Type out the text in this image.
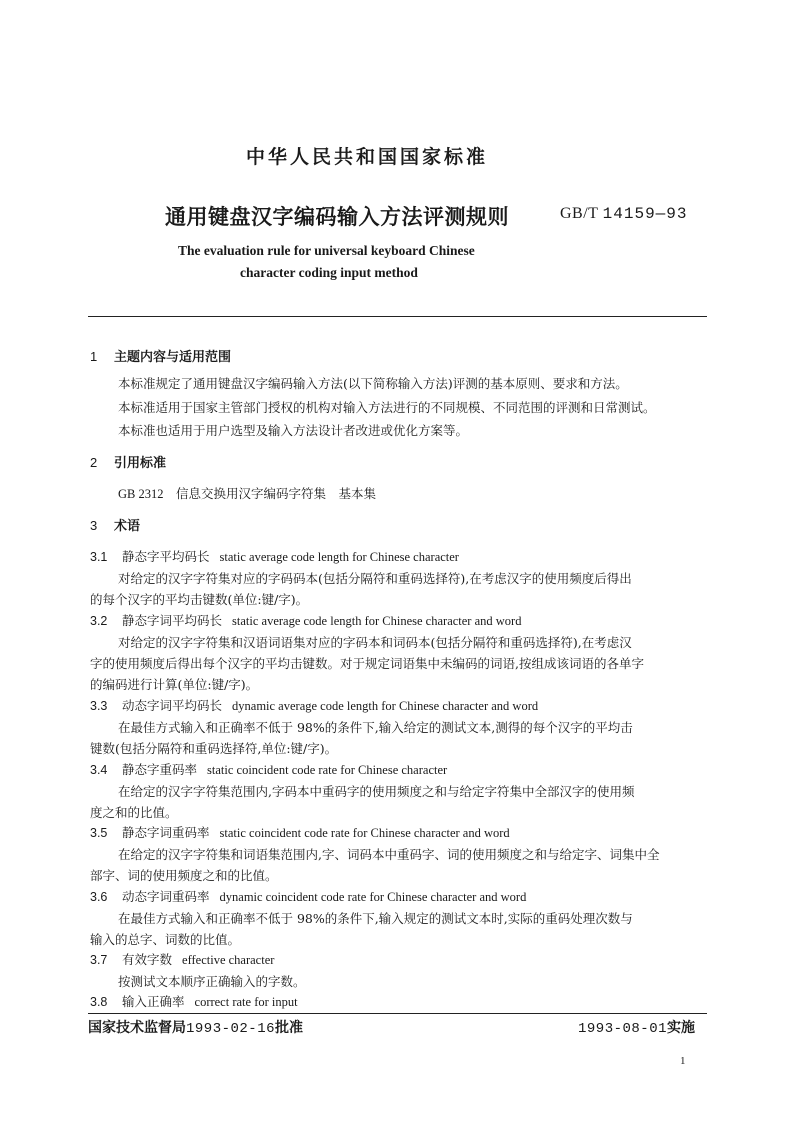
中华人民共和国国家标准
通用键盘汉字编码输入方法评测规则	GB/T 14159—93
The evaluation rule for universal keyboard Chinese
character coding input method
1 主题内容与适用范围
本标准规定了通用键盘汉字编码输入方法(以下简称输入方法)评测的基本原则、要求和方法。
本标准适用于国家主管部门授权的机构对输入方法进行的不同规模、不同范围的评测和日常测试。
本标准也适用于用户选型及输入方法设计者改进或优化方案等。
2 引用标准
GB 2312　 信息交换用汉字编码字符集　基本集
3 术语
3.1 静态字平均码长 static average code length for Chinese character
对给定的汉字字符集对应的字码码本(包括分隔符和重码选择符),在考虑汉字的使用频度后得出
的每个汉字的平均击键数(单位:键/字)。
3.2 静态字词平均码长 static average code length for Chinese character and word
对给定的汉字字符集和汉语词语集对应的字码本和词码本(包括分隔符和重码选择符),在考虑汉
字的使用频度后得出每个汉字的平均击键数。对于规定词语集中未编码的词语,按组成该词语的各单字
的编码进行计算(单位:键/字)。
3.3 动态字词平均码长 dynamic average code length for Chinese character and word
在最佳方式输入和正确率不低于 98%的条件下,输入给定的测试文本,测得的每个汉字的平均击
键数(包括分隔符和重码选择符,单位:键/字)。
3.4 静态字重码率 static coincident code rate for Chinese character
在给定的汉字字符集范围内,字码本中重码字的使用频度之和与给定字符集中全部汉字的使用频
度之和的比值。
3.5 静态字词重码率 static coincident code rate for Chinese character and word
在给定的汉字字符集和词语集范围内,字、词码本中重码字、词的使用频度之和与给定字、词集中全
部字、词的使用频度之和的比值。
3.6 动态字词重码率 dynamic coincident code rate for Chinese character and word
在最佳方式输入和正确率不低于 98%的条件下,输入规定的测试文本时,实际的重码处理次数与
输入的总字、词数的比值。
3.7 有效字数 effective character
按测试文本顺序正确输入的字数。
3.8 输入正确率 correct rate for input
国家技术监督局1993-02-16批准	1993-08-01实施
1
